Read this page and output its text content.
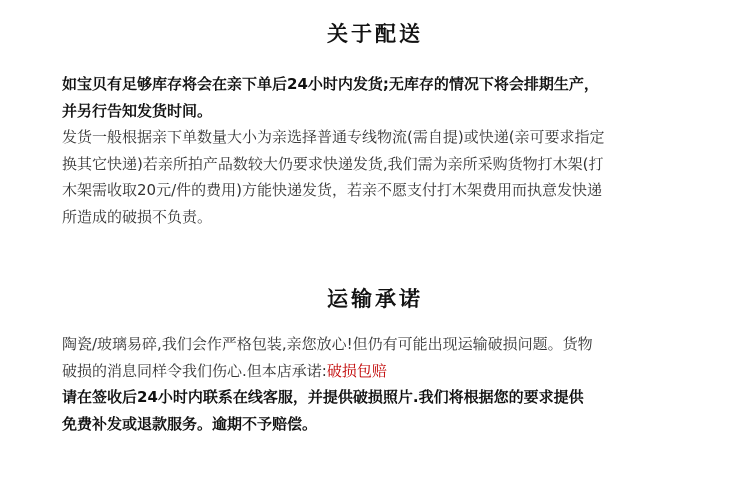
关于配送
如宝贝有足够库存将会在亲下单后24小时内发货;无库存的情况下将会排期生产，
并另行告知发货时间。
发货一般根据亲下单数量大小为亲选择普通专线物流(需自提)或快递(亲可要求指定
换其它快递)若亲所拍产品数较大仍要求快递发货,我们需为亲所采购货物打木架(打
木架需收取20元/件的费用)方能快递发货，若亲不愿支付打木架费用而执意发快递
所造成的破损不负责。
运输承诺
陶瓷/玻璃易碎,我们会作严格包装,亲您放心!但仍有可能出现运输破损问题。货物
破损的消息同样令我们伤心.但本店承诺:破损包赔
请在签收后24小时内联系在线客服，并提供破损照片.我们将根据您的要求提供
免费补发或退款服务。逾期不予赔偿。
